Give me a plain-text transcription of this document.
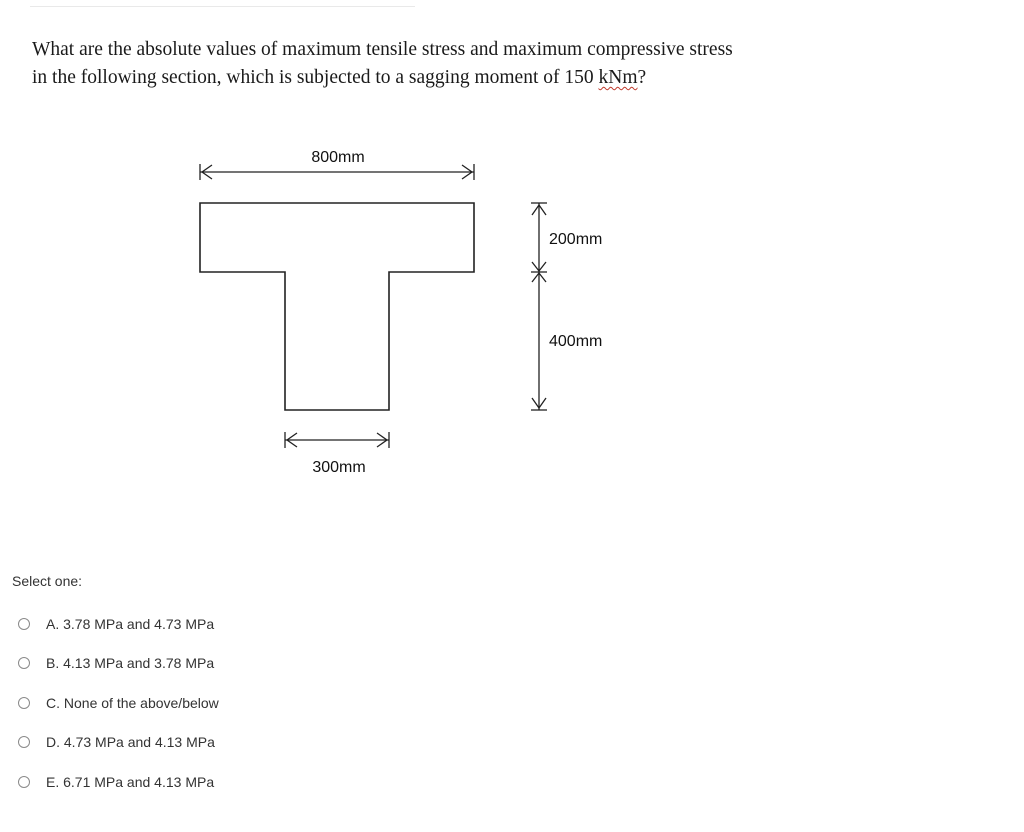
What are the absolute values of maximum tensile stress and maximum compressive stress
in the following section, which is subjected to a sagging moment of 150 kNm?
800mm
200mm
400mm
300mm
Select one:
A. 3.78 MPa and 4.73 MPa
B. 4.13 MPa and 3.78 MPa
C. None of the above/below
D. 4.73 MPa and 4.13 MPa
E. 6.71 MPa and 4.13 MPa
